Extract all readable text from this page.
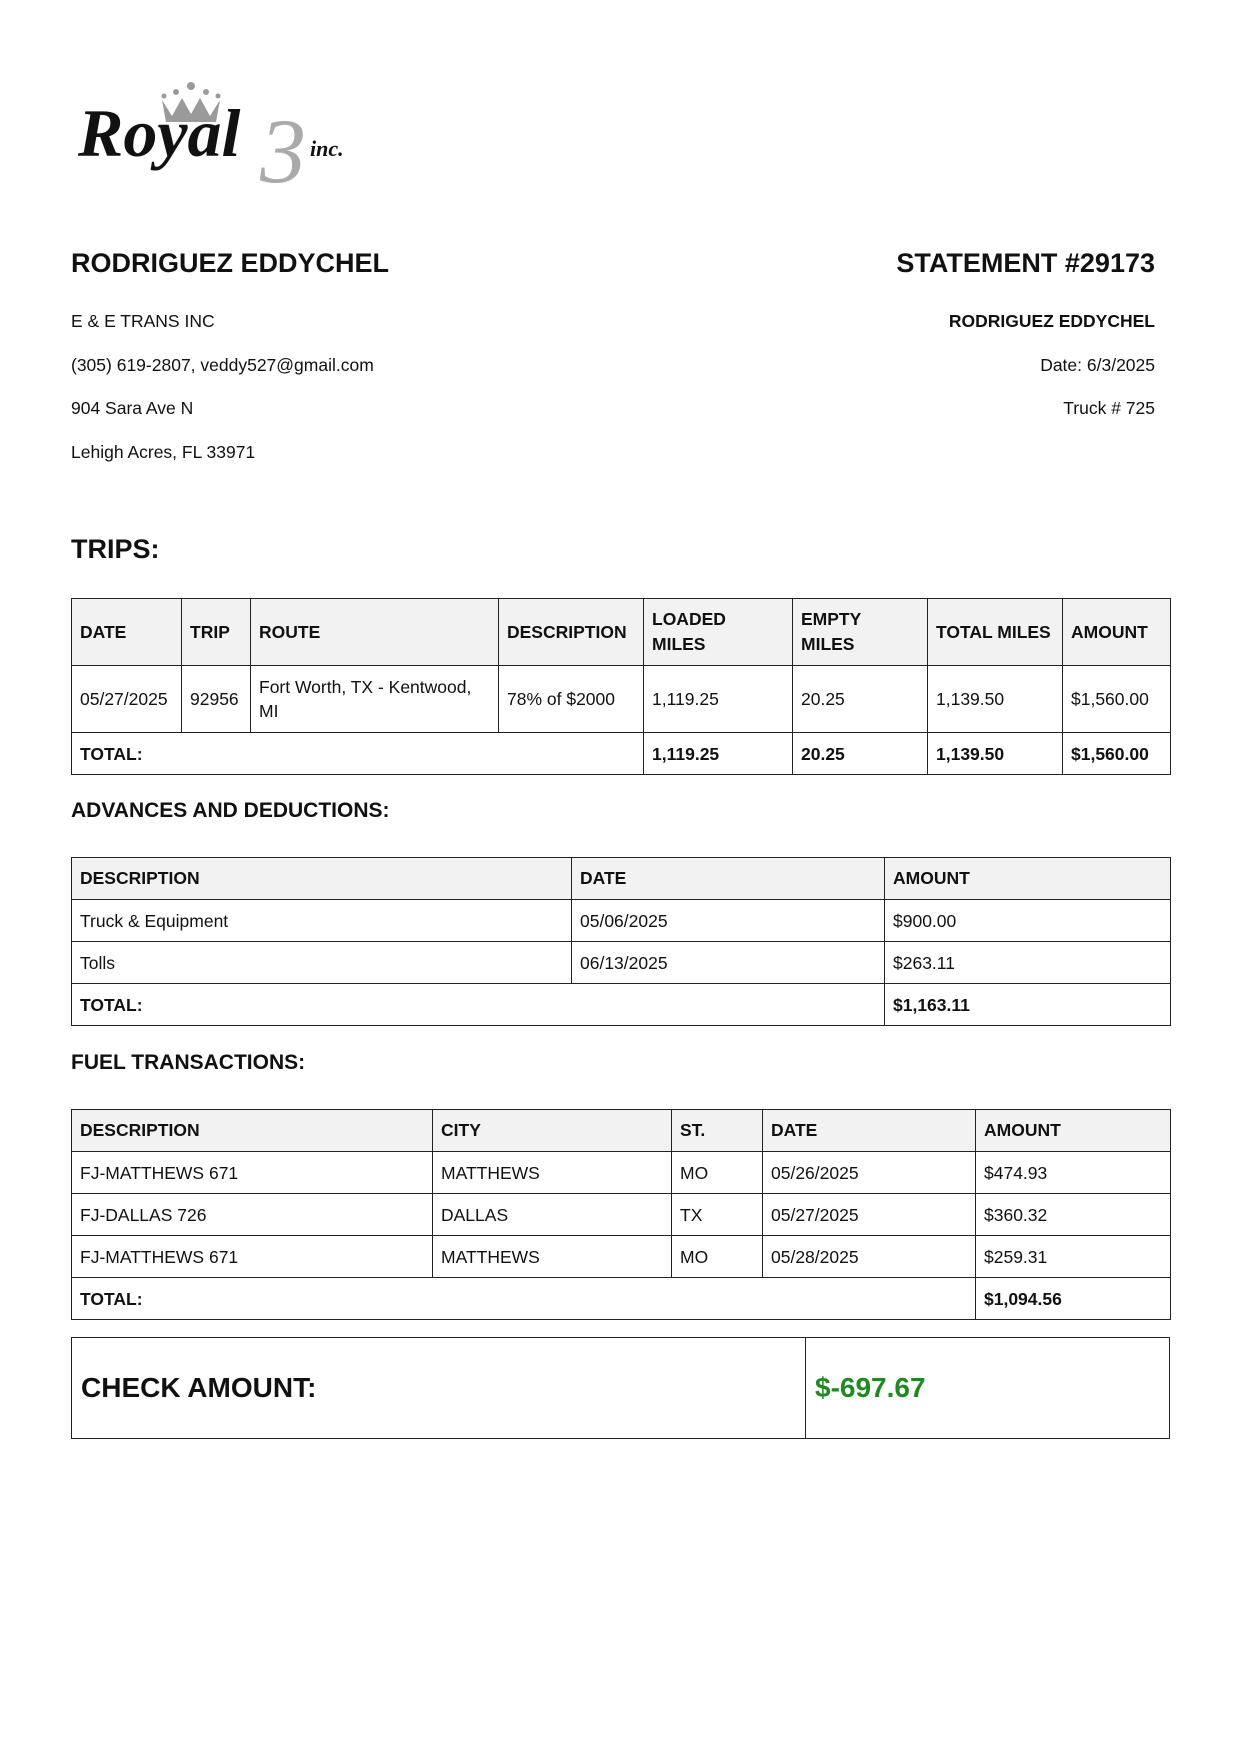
3
Royal	inc.
RODRIGUEZ EDDYCHEL	STATEMENT #29173
E & E TRANS INC
(305) 619-2807, veddy527@gmail.com
904 Sara Ave N
Lehigh Acres, FL 33971
RODRIGUEZ EDDYCHEL
Date: 6/3/2025
Truck # 725
TRIPS:
DATE	TRIP	ROUTE	DESCRIPTION	LOADED MILES	EMPTY MILES	TOTAL MILES	AMOUNT
05/27/2025	92956	Fort Worth, TX - Kentwood, MI	78% of $2000	1,119.25	20.25	1,139.50	$1,560.00
TOTAL:				1,119.25	20.25	1,139.50	$1,560.00
ADVANCES AND DEDUCTIONS:
DESCRIPTION	DATE	AMOUNT
Truck & Equipment	05/06/2025	$900.00
Tolls	06/13/2025	$263.11
TOTAL:		$1,163.11
FUEL TRANSACTIONS:
DESCRIPTION	CITY	ST.	DATE	AMOUNT
FJ-MATTHEWS 671	MATTHEWS	MO	05/26/2025	$474.93
FJ-DALLAS 726	DALLAS	TX	05/27/2025	$360.32
FJ-MATTHEWS 671	MATTHEWS	MO	05/28/2025	$259.31
TOTAL:				$1,094.56
CHECK AMOUNT:	$-697.67
